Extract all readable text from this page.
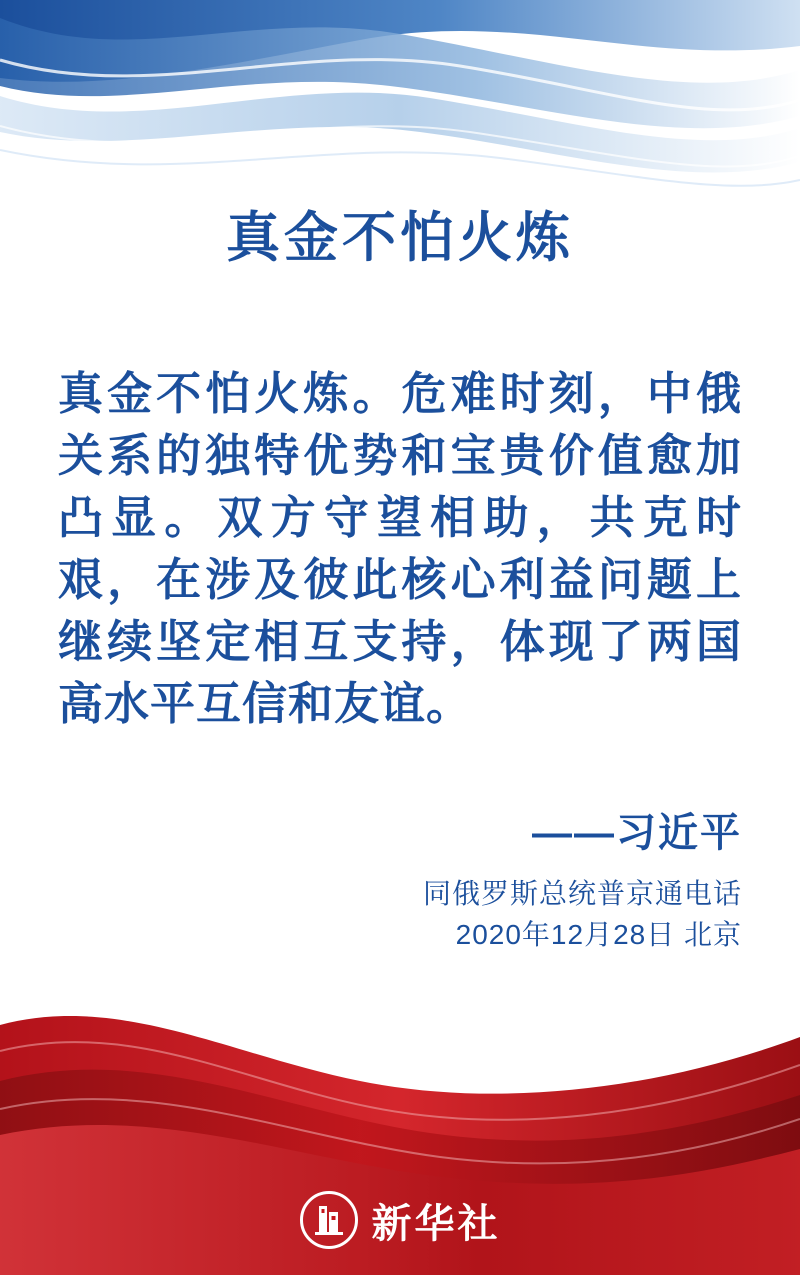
真金不怕火炼
真金不怕火炼。危难时刻，中俄关系的独特优势和宝贵价值愈加凸显。双方守望相助，共克时艰，在涉及彼此核心利益问题上继续坚定相互支持，体现了两国高水平互信和友谊。
——习近平
同俄罗斯总统普京通电话
2020年12月28日 北京
新华社
